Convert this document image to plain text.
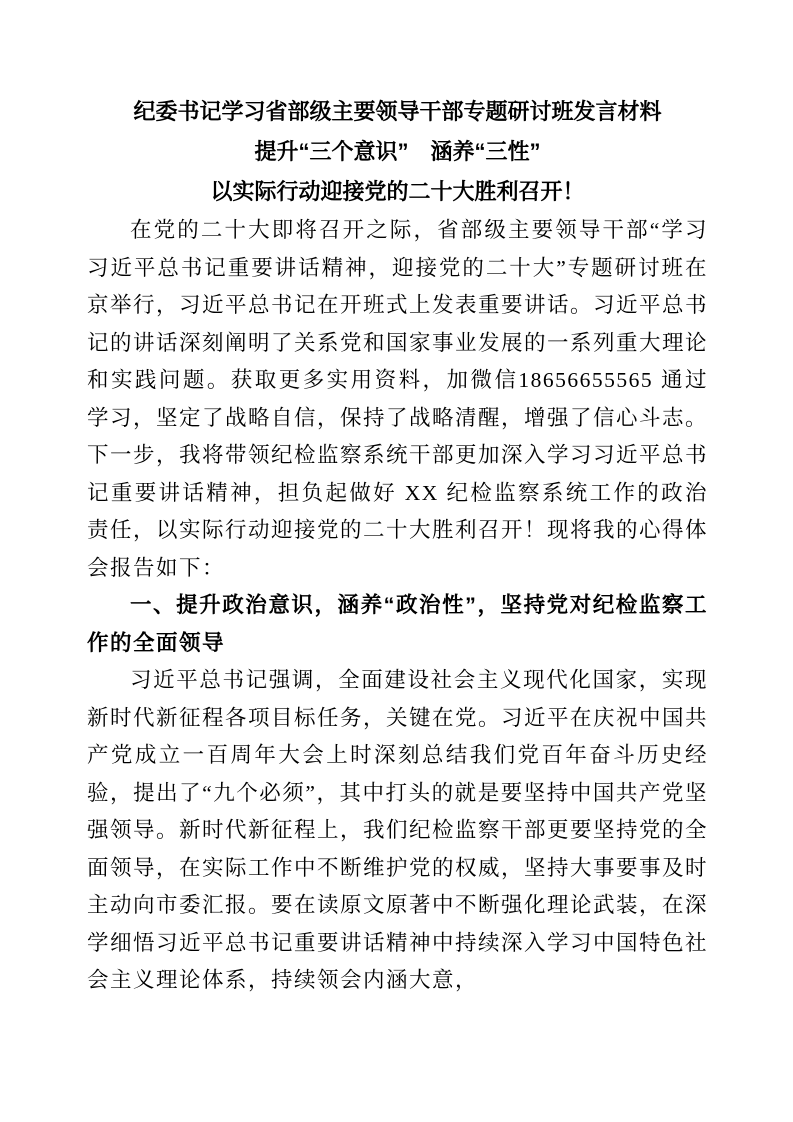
纪委书记学习省部级主要领导干部专题研讨班发言材料
提升“三个意识”　涵养“三性”
以实际行动迎接党的二十大胜利召开！

在党的二十大即将召开之际，省部级主要领导干部“学习习近平总书记重要讲话精神，迎接党的二十大”专题研讨班在京举行，习近平总书记在开班式上发表重要讲话。习近平总书记的讲话深刻阐明了关系党和国家事业发展的一系列重大理论和实践问题。获取更多实用资料，加微信18656655565 通过学习，坚定了战略自信，保持了战略清醒，增强了信心斗志。下一步，我将带领纪检监察系统干部更加深入学习习近平总书记重要讲话精神，担负起做好 XX 纪检监察系统工作的政治责任，以实际行动迎接党的二十大胜利召开！现将我的心得体会报告如下：

一、提升政治意识，涵养“政治性”，坚持党对纪检监察工作的全面领导

习近平总书记强调，全面建设社会主义现代化国家，实现新时代新征程各项目标任务，关键在党。习近平在庆祝中国共产党成立一百周年大会上时深刻总结我们党百年奋斗历史经验，提出了“九个必须”，其中打头的就是要坚持中国共产党坚强领导。新时代新征程上，我们纪检监察干部更要坚持党的全面领导，在实际工作中不断维护党的权威，坚持大事要事及时主动向市委汇报。要在读原文原著中不断强化理论武装，在深学细悟习近平总书记重要讲话精神中持续深入学习中国特色社会主义理论体系，持续领会内涵大意，
